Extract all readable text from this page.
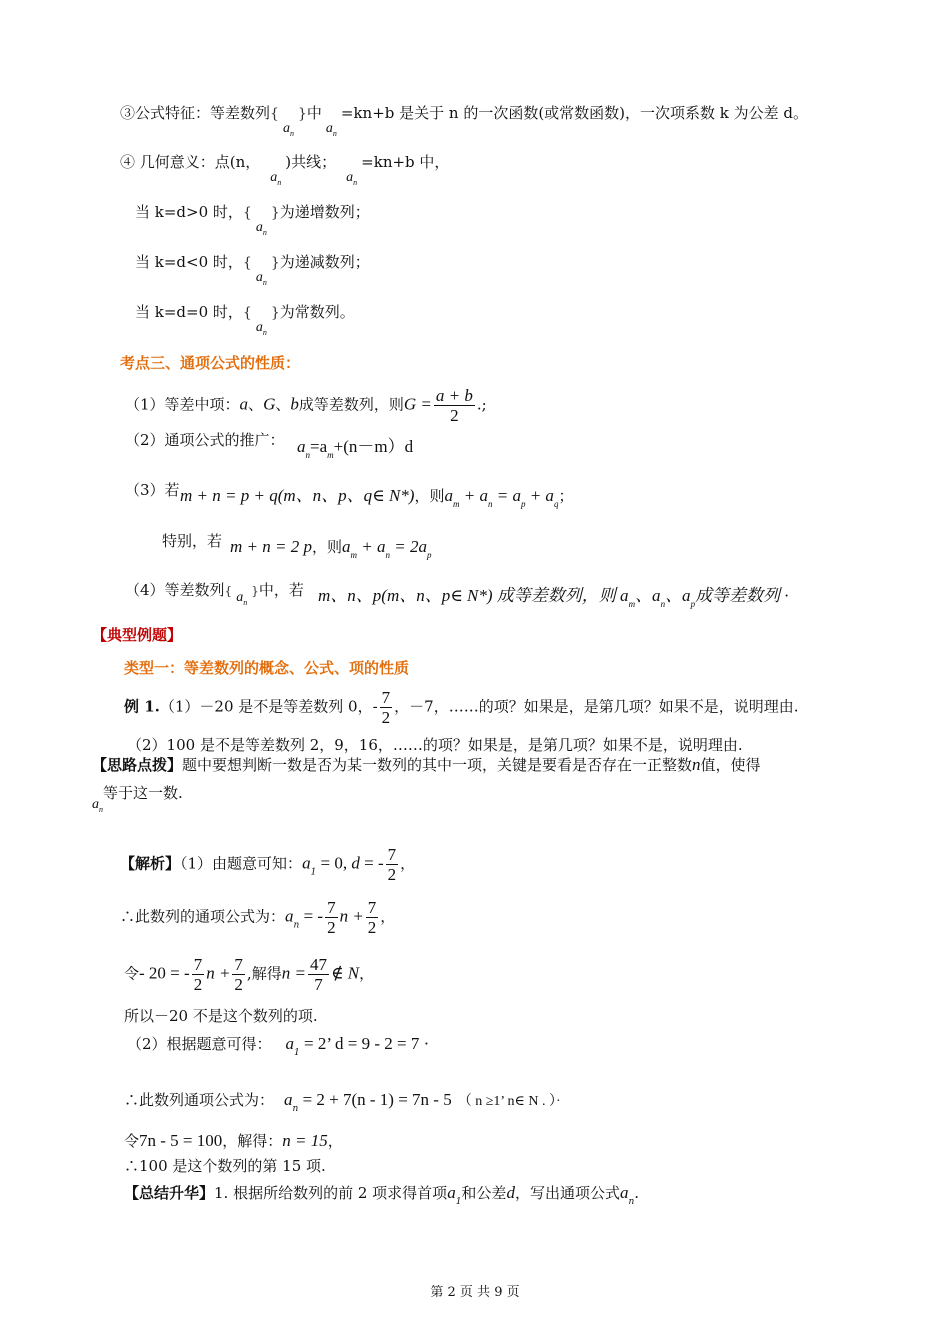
③公式特征：等差数列$\{a_n\}$中$a_n=kn+b$ 是关于 n 的一次函数(或常数函数)，一次项系数 k 为公差 d。
④ 几何意义：点(n，$a_n$)共线；$a_n=kn+b$ 中，
当 k=d>0 时，$\{a_n\}$为递增数列；
当 k=d<0 时，$\{a_n\}$为递减数列；
当 k=d=0 时，$\{a_n\}$为常数列。
考点三、通项公式的性质：
（1）等差中项：a、G、b成等差数列，则$G = \frac{a + b}{2}$ .;
（2）通项公式的推广： $a_n=a_m+(n-m)d$
（3）若 m + n = p + q(m、n、p、q∈ N*)，则$a_m + a_n = a_p + a_q$；
特别，若 m + n = 2 p，则$a_m + a_n = 2a_p$
（4）等差数列{ $a_n$}中，若 m、n、p(m、n、p∈ N*) 成等差数列，则 $a_m$、$a_n$、$a_p$成等差数列 ·
【典型例题】
类型一：等差数列的概念、公式、项的性质
例 1.（1）－20 是不是等差数列 0，- $\frac{7}{2}$ ，－7，……的项？如果是，是第几项？如果不是，说明理由.
（2）100 是不是等差数列 2，9，16，……的项？如果是，是第几项？如果不是，说明理由.
【思路点拨】题中要想判断一数是否为某一数列的其中一项，关键是要看是否存在一正整数n值，使得
$a_n$等于这一数.
【解析】（1）由题意可知：$a_1 = 0$, d = - $\frac{7}{2}$ ，
∴此数列的通项公式为：$a_n$ = - $\frac{7}{2}$ $n + \frac{7}{2}$ ，
令- 20 = - $\frac{7}{2}$ $n + \frac{7}{2}$ ,解得$n = \frac{47}{7}$ ∉ N，
所以－20 不是这个数列的项.
（2）根据题意可得： $a_1 = 2$’ d = 9 - 2 = 7 ·
∴此数列通项公式为： $a_n = 2 + 7(n - 1) = 7n - 5$ （ n ≥1’ n∈ N . ）·
令7n - 5 = 100，解得：n = 15，
∴100 是这个数列的第 15 项.
【总结升华】1. 根据所给数列的前 2 项求得首项$a_1$和公差d，写出通项公式$a_n$.
第 2 页 共 9 页
